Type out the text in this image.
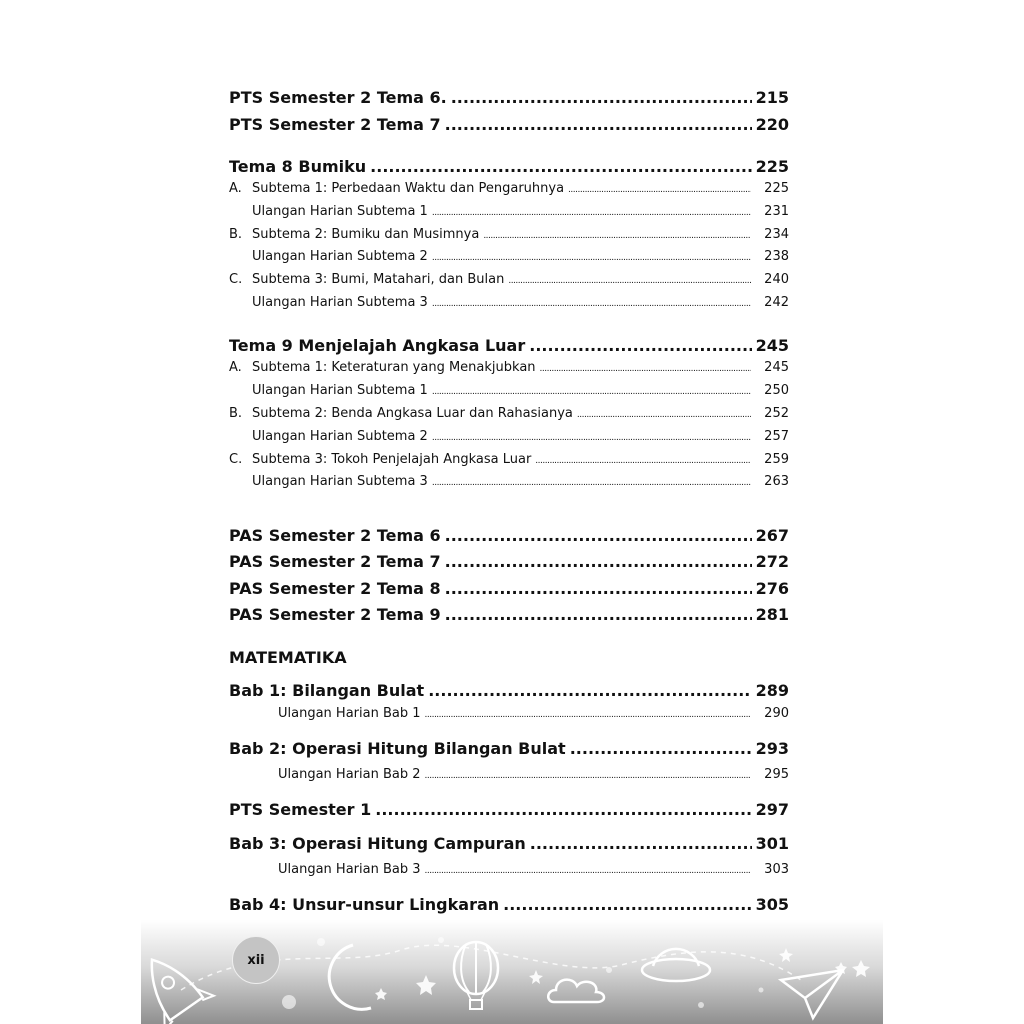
PTS Semester 2 Tema 6. .....	215
PTS Semester 2 Tema 7 .....	220
Tema 8 Bumiku .....	225
A. Subtema 1: Perbedaan Waktu dan Pengaruhnya .....	225
Ulangan Harian Subtema 1 .....	231
B. Subtema 2: Bumiku dan Musimnya .....	234
Ulangan Harian Subtema 2 .....	238
C. Subtema 3: Bumi, Matahari, dan Bulan .....	240
Ulangan Harian Subtema 3 .....	242
Tema 9 Menjelajah Angkasa Luar .....	245
A. Subtema 1: Keteraturan yang Menakjubkan .....	245
Ulangan Harian Subtema 1 .....	250
B. Subtema 2: Benda Angkasa Luar dan Rahasianya .....	252
Ulangan Harian Subtema 2 .....	257
C. Subtema 3: Tokoh Penjelajah Angkasa Luar .....	259
Ulangan Harian Subtema 3 .....	263
PAS Semester 2 Tema 6 .....	267
PAS Semester 2 Tema 7 .....	272
PAS Semester 2 Tema 8 .....	276
PAS Semester 2 Tema 9 .....	281
MATEMATIKA
Bab 1: Bilangan Bulat .....	289
Ulangan Harian Bab 1 .....	290
Bab 2: Operasi Hitung Bilangan Bulat .....	293
Ulangan Harian Bab 2 .....	295
PTS Semester 1 .....	297
Bab 3: Operasi Hitung Campuran .....	301
Ulangan Harian Bab 3 .....	303
Bab 4: Unsur-unsur Lingkaran .....	305
xii
